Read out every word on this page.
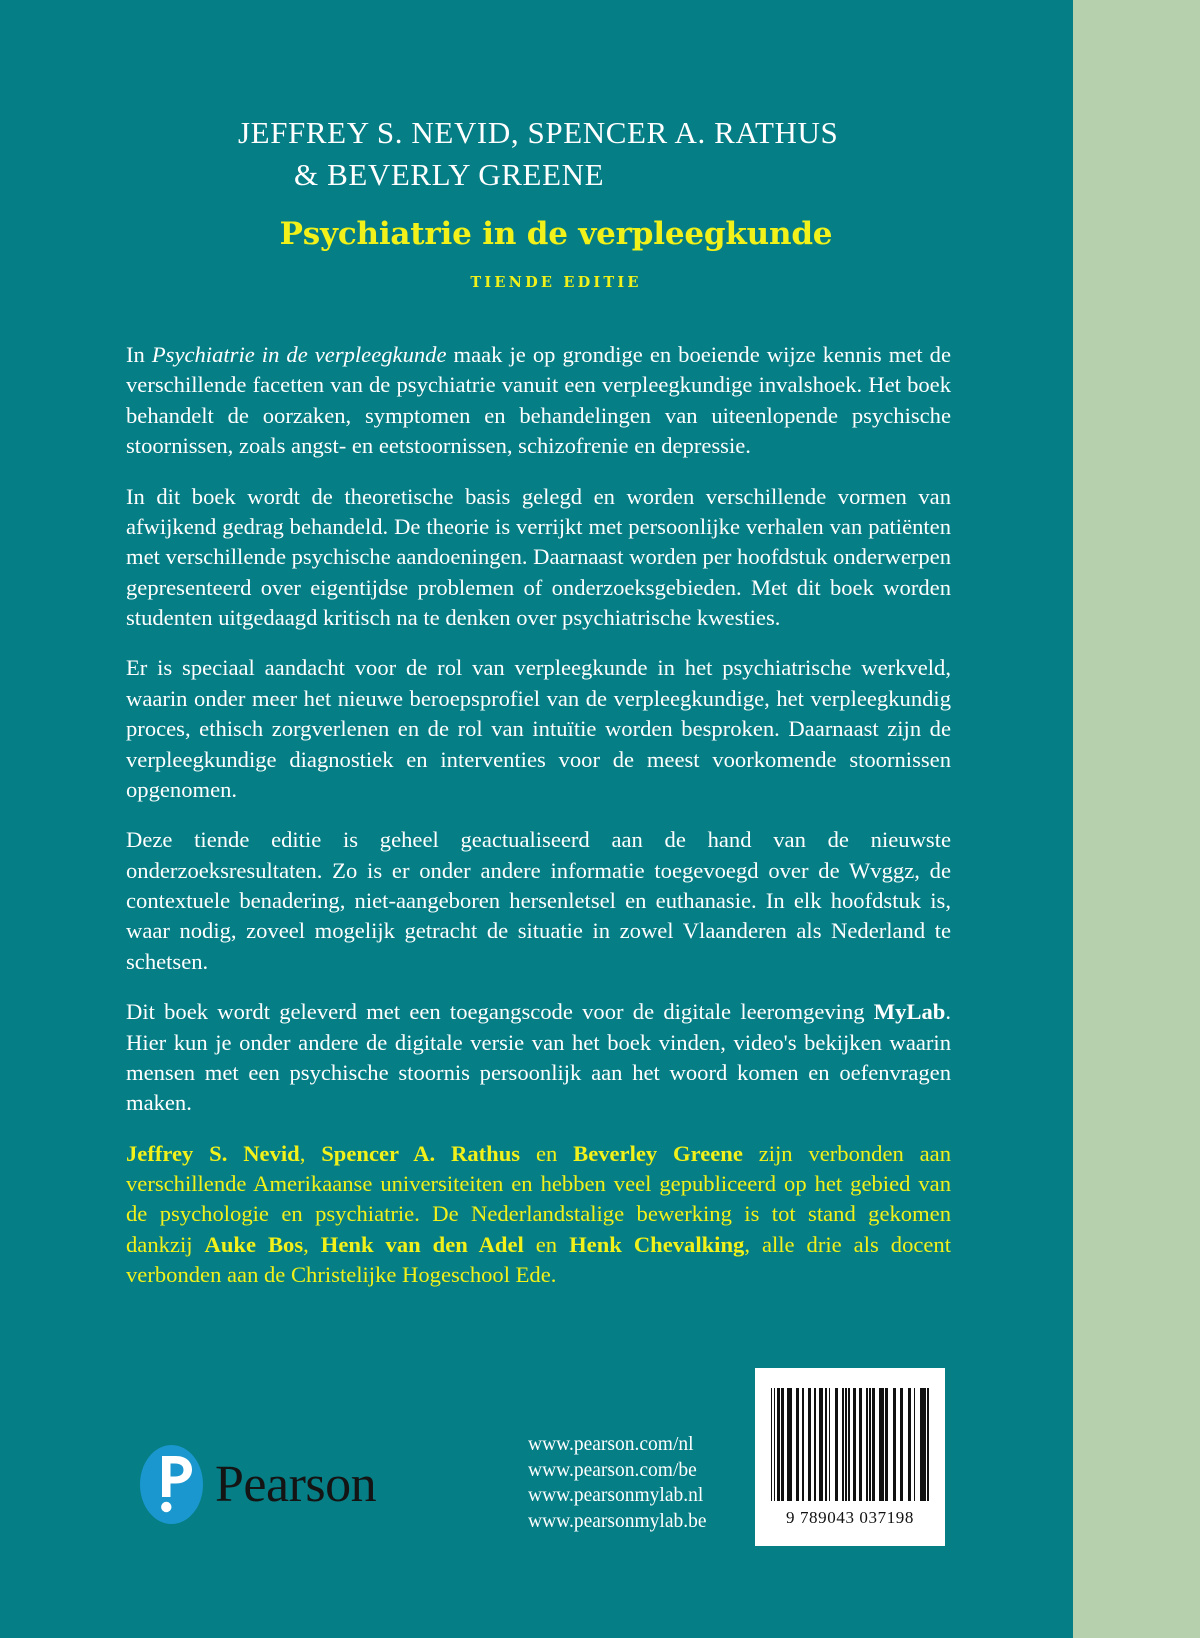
JEFFREY S. NEVID, SPENCER A. RATHUS
& BEVERLY GREENE
Psychiatrie in de verpleegkunde
TIENDE EDITIE

In Psychiatrie in de verpleegkunde maak je op grondige en boeiende wijze kennis met de verschillende facetten van de psychiatrie vanuit een verpleegkundige invalshoek. Het boek behandelt de oorzaken, symptomen en behandelingen van uiteenlopende psychische stoornissen, zoals angst- en eetstoornissen, schizofrenie en depressie.

In dit boek wordt de theoretische basis gelegd en worden verschillende vormen van afwijkend gedrag behandeld. De theorie is verrijkt met persoonlijke verhalen van patiënten met verschillende psychische aandoeningen. Daarnaast worden per hoofdstuk onderwerpen gepresenteerd over eigentijdse problemen of onderzoeksgebieden. Met dit boek worden studenten uitgedaagd kritisch na te denken over psychiatrische kwesties.

Er is speciaal aandacht voor de rol van verpleegkunde in het psychiatrische werkveld, waarin onder meer het nieuwe beroepsprofiel van de verpleegkundige, het verpleegkundig proces, ethisch zorgverlenen en de rol van intuïtie worden besproken. Daarnaast zijn de verpleegkundige diagnostiek en interventies voor de meest voorkomende stoornissen opgenomen.

Deze tiende editie is geheel geactualiseerd aan de hand van de nieuwste onderzoeksresultaten. Zo is er onder andere informatie toegevoegd over de Wvggz, de contextuele benadering, niet-aangeboren hersenletsel en euthanasie. In elk hoofdstuk is, waar nodig, zoveel mogelijk getracht de situatie in zowel Vlaanderen als Nederland te schetsen.

Dit boek wordt geleverd met een toegangscode voor de digitale leeromgeving MyLab. Hier kun je onder andere de digitale versie van het boek vinden, video's bekijken waarin mensen met een psychische stoornis persoonlijk aan het woord komen en oefenvragen maken.

Jeffrey S. Nevid, Spencer A. Rathus en Beverley Greene zijn verbonden aan verschillende Amerikaanse universiteiten en hebben veel gepubliceerd op het gebied van de psychologie en psychiatrie. De Nederlandstalige bewerking is tot stand gekomen dankzij Auke Bos, Henk van den Adel en Henk Chevalking, alle drie als docent verbonden aan de Christelijke Hogeschool Ede.

Pearson
www.pearson.com/nl
www.pearson.com/be
www.pearsonmylab.nl
www.pearsonmylab.be	9 789043 037198
